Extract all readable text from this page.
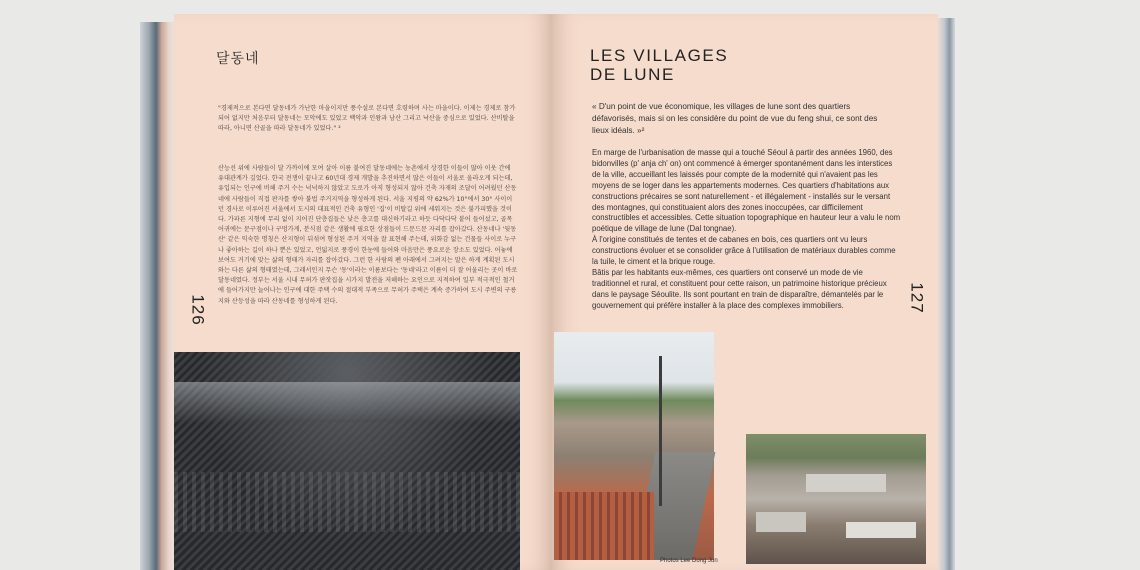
달동네
"경제적으로 본다면 달동네가 가난한 마을이지만 풍수설로 본다면 호령하며 사는 마을이다. 이제는 경제로 참가되어 없지만 처음부터 달동네는 모악에도 있었고 백악과 인왕과 남산 그리고 낙산을 중심으로 있었다. 산비탈을 따라, 아니면 산골을 따라 달동네가 있었다." ²
산능선 위에 사람들이 달 가까이에 모여 살아 이름 붙여진 달동네에는 농촌에서 상경한 이들이 많아 이웃 간에 유대관계가 깊었다. 한국 전쟁이 끝나고 60년대 경제 개발을 추진하면서 많은 이들이 서울로 올라오게 되는데, 유입되는 인구에 비해 주거 수는 넉넉하지 않았고 도로가 아직 형성되지 않아 건축 자재의 조달이 어려웠던 산동네에 사람들이 직접 판자를 쌓아 불법 주거지역을 형성하게 된다. 서울 지평의 약 62%가 10°에서 30° 사이이던 경사로 이루어진 서울에서 도시의 대표적인 건축 유형인 '집'이 비탈길 위에 세워지는 것은 불가피했을 것이다. 가파른 지형에 무리 없이 지어진 단층집들은 낮은 층고를 대신하기라고 하듯 다닥다닥 붙어 들어섰고, 골목 어귀에는 문구점이나 구멍가게, 분식점 같은 생활에 필요한 상점들이 드문드문 자리를 잡아갔다. 산동네나 '뒷동산' 같은 익숙한 명칭은 산지형이 뒤섞여 형성된 주거 지역을 잘 표현해 주는데, 위화감 없는 건물들 사이로 누구나 좋아하는 길이 하나 뿐은 있었고, 언덟지로 풍경이 한눈에 들어와 마음만은 풍요로운 장소도 있었다. 어놓에 보여도 거기에 맞는 삶의 형태가 자리를 잡아갔다. 그런 한 사람의 펜 아래에서 그려지는 말은 하게 계획된 도시와는 다른 삶의 형태였는데, 그래서인지 무슨 '동'이라는 이름보다는 '동네'라고 이름이 더 잘 어울리는 곳이 바로 달동네였다. 정부는 서울 시내 무허가 판잣집을 시가지 발전을 저해하는 요인으로 지적하여 일부 적극적인 철거에 들어가지만 늘어나는 인구에 대한 주택 수의 절대적 부족으로 무허가 주택은 계속 증가하여 도시 주변의 구릉지와 산등성을 따라 산동네를 형성하게 된다.
126
LES VILLAGES
DE LUNE
« D'un point de vue économique, les villages de lune sont des quartiers défavorisés, mais si on les considère du point de vue du feng shui, ce sont des lieux idéals. »²

En marge de l'urbanisation de masse qui a touché Séoul à partir des années 1960, des bidonvilles (p' anja ch' on) ont commencé à émerger spontanément dans les interstices de la ville, accueillant les laissés pour compte de la modernité qui n'avaient pas les moyens de se loger dans les appartements modernes. Ces quartiers d'habitations aux constructions précaires se sont naturellement - et illégalement - installés sur le versant des montagnes, qui constituaient alors des zones inoccupées, car difficilement constructibles et accessibles. Cette situation topographique en hauteur leur a valu le nom poétique de village de lune (Dal tongnae).

À l'origine constitués de tentes et de cabanes en bois, ces quartiers ont vu leurs constructions évoluer et se consolider grâce à l'utilisation de matériaux durables comme la tuile, le ciment et la brique rouge.

Bâtis par les habitants eux-mêmes, ces quartiers ont conservé un mode de vie traditionnel et rural, et constituent pour cette raison, un patrimoine historique précieux dans le paysage Séoulite. Ils sont pourtant en train de disparaître, démantelés par le gouvernement qui préfère installer à la place des complexes immobiliers.	127
Photos Lee Dong Jun
